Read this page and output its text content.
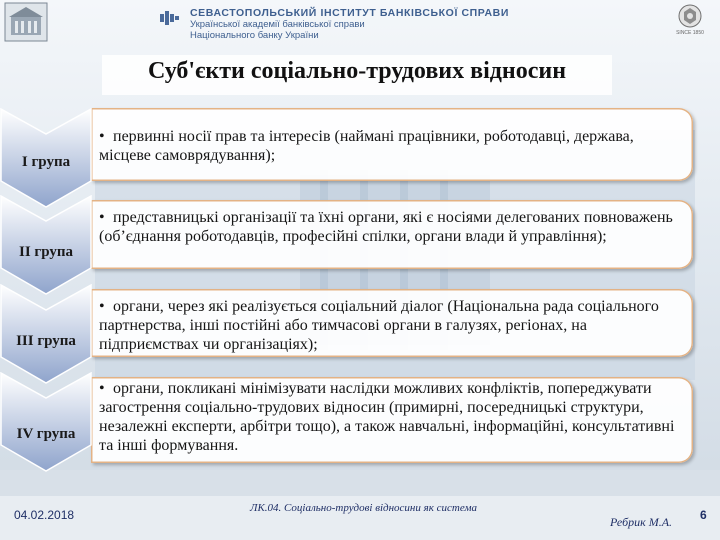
СЕВАСТОПОЛЬСЬКИЙ ІНСТИТУТ БАНКІВСЬКОЇ СПРАВИ
Української академії банківської справи
Національного банку України	SINCE 1850
Суб'єкти соціально-трудових відносин
I група
• первинні носії прав та інтересів (наймані працівники, роботодавці, держава, місцеве самоврядування);
II група
• представницькі організації та їхні органи, які є носіями делегованих повноважень (об’єднання роботодавців, професійні спілки, органи влади й управління);
III група
• органи, через які реалізується соціальний діалог (Національна рада соціального партнерства, інші постійні або тимчасові органи в галузях, регіонах, на підприємствах чи організаціях);
IV група
• органи, покликані мінімізувати наслідки можливих конфліктів, попереджувати загострення соціально-трудових відносин (примирні, посередницькі структури, незалежні експерти, арбітри тощо), а також навчальні, інформаційні, консультативні та інші формування.
04.02.2018	ЛК.04. Соціально-трудові відносини як система
Ребрик М.А. 6
